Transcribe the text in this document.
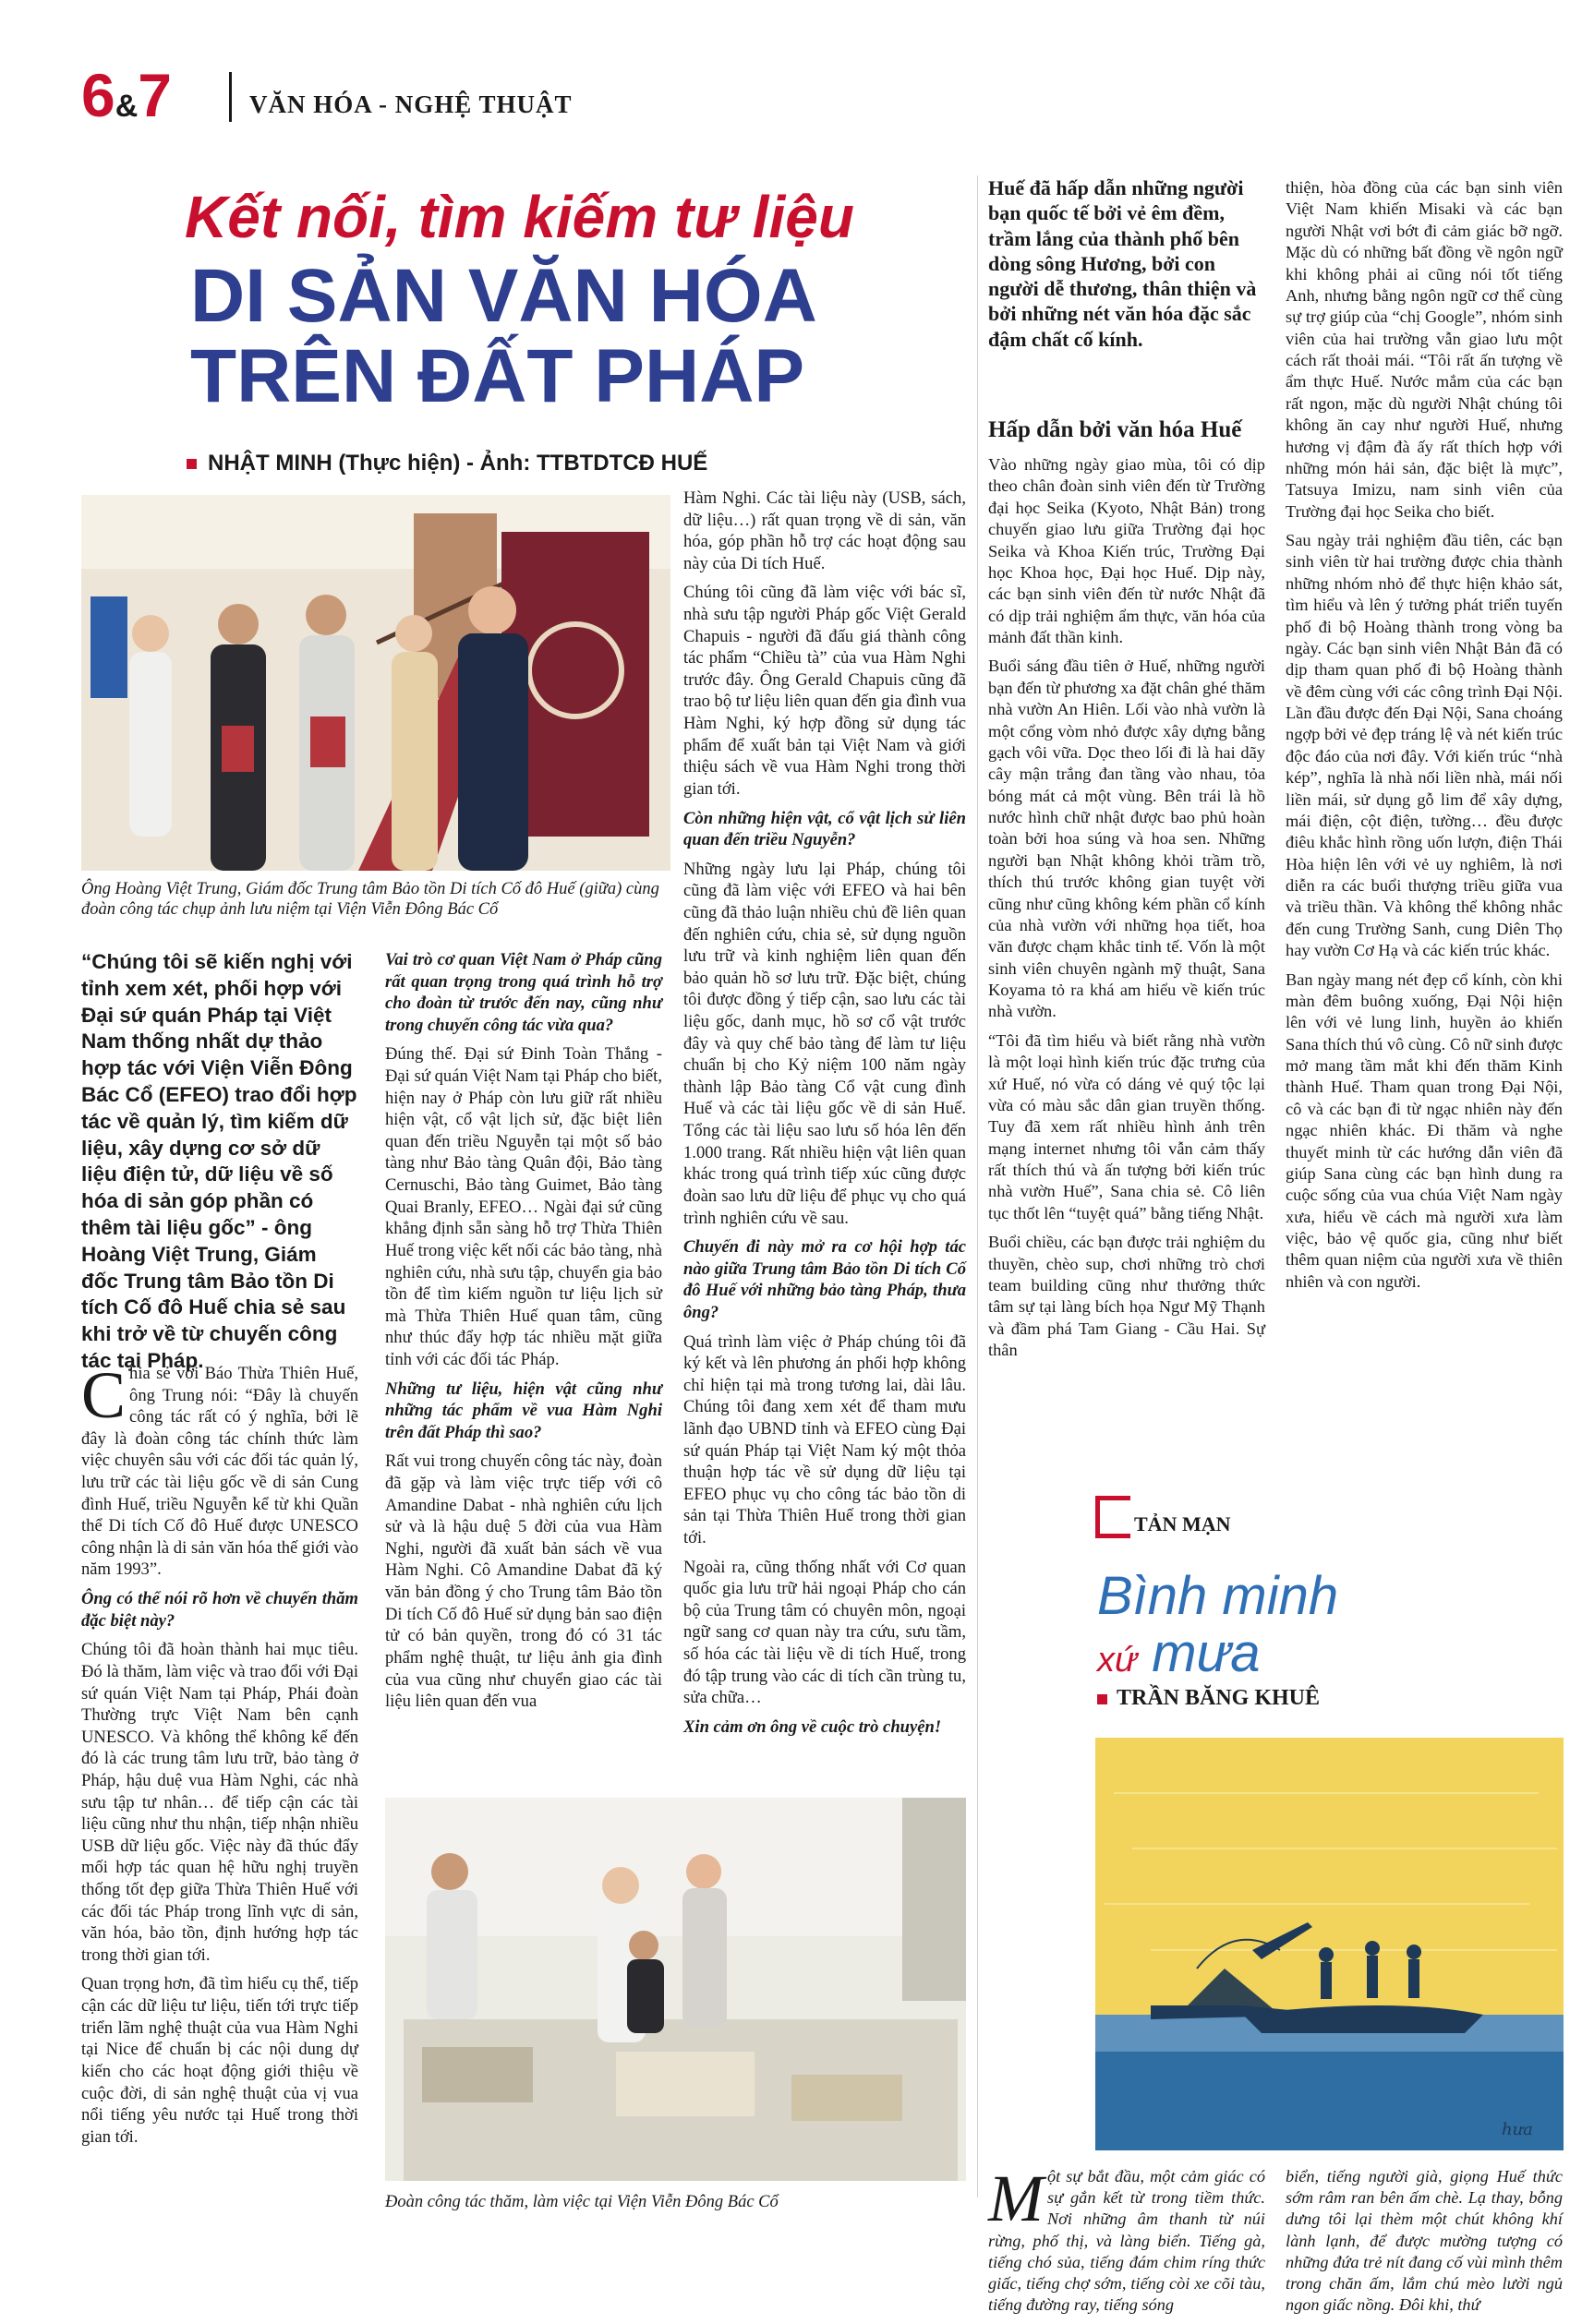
6&7	VĂN HÓA - NGHỆ THUẬT
Kết nối, tìm kiếm tư liệu
DI SẢN VĂN HÓA
TRÊN ĐẤT PHÁP
NHẬT MINH (Thực hiện) - Ảnh: TTBTDTCĐ HUẾ
Ông Hoàng Việt Trung, Giám đốc Trung tâm Bảo tồn Di tích Cố đô Huế (giữa) cùng đoàn công tác chụp ảnh lưu niệm tại Viện Viễn Đông Bác Cổ
“Chúng tôi sẽ kiến nghị với tỉnh xem xét, phối hợp với Đại sứ quán Pháp tại Việt Nam thống nhất dự thảo hợp tác với Viện Viễn Đông Bác Cổ (EFEO) trao đổi hợp tác về quản lý, tìm kiếm dữ liệu, xây dựng cơ sở dữ liệu điện tử, dữ liệu về số hóa di sản góp phần có thêm tài liệu gốc” - ông Hoàng Việt Trung, Giám đốc Trung tâm Bảo tồn Di tích Cố đô Huế chia sẻ sau khi trở về từ chuyến công tác tại Pháp.

Chia sẻ với Báo Thừa Thiên Huế, ông Trung nói: “Đây là chuyến công tác rất có ý nghĩa, bởi lẽ đây là đoàn công tác chính thức làm việc chuyên sâu với các đối tác quản lý, lưu trữ các tài liệu gốc về di sản Cung đình Huế, triều Nguyễn kể từ khi Quần thể Di tích Cố đô Huế được UNESCO công nhận là di sản văn hóa thế giới vào năm 1993”.

Ông có thể nói rõ hơn về chuyến thăm đặc biệt này?

Chúng tôi đã hoàn thành hai mục tiêu. Đó là thăm, làm việc và trao đổi với Đại sứ quán Việt Nam tại Pháp, Phái đoàn Thường trực Việt Nam bên cạnh UNESCO. Và không thể không kể đến đó là các trung tâm lưu trữ, bảo tàng ở Pháp, hậu duệ vua Hàm Nghi, các nhà sưu tập tư nhân… để tiếp cận các tài liệu cũng như thu nhận, tiếp nhận nhiều USB dữ liệu gốc. Việc này đã thúc đẩy mối hợp tác quan hệ hữu nghị truyền thống tốt đẹp giữa Thừa Thiên Huế với các đối tác Pháp trong lĩnh vực di sản, văn hóa, bảo tồn, định hướng hợp tác trong thời gian tới.

Quan trọng hơn, đã tìm hiểu cụ thể, tiếp cận các dữ liệu tư liệu, tiến tới trực tiếp triển lãm nghệ thuật của vua Hàm Nghi tại Nice để chuẩn bị các nội dung dự kiến cho các hoạt động giới thiệu về cuộc đời, di sản nghệ thuật của vị vua nổi tiếng yêu nước tại Huế trong thời gian tới.

Vai trò cơ quan Việt Nam ở Pháp cũng rất quan trọng trong quá trình hỗ trợ cho đoàn từ trước đến nay, cũng như trong chuyến công tác vừa qua?

Đúng thế. Đại sứ Đinh Toàn Thắng - Đại sứ quán Việt Nam tại Pháp cho biết, hiện nay ở Pháp còn lưu giữ rất nhiều hiện vật, cổ vật lịch sử, đặc biệt liên quan đến triều Nguyễn tại một số bảo tàng như Bảo tàng Quân đội, Bảo tàng Cernuschi, Bảo tàng Guimet, Bảo tàng Quai Branly, EFEO… Ngài đại sứ cũng khẳng định sẵn sàng hỗ trợ Thừa Thiên Huế trong việc kết nối các bảo tàng, nhà nghiên cứu, nhà sưu tập, chuyển gia bảo tồn để tìm kiếm nguồn tư liệu lịch sử mà Thừa Thiên Huế quan tâm, cũng như thúc đẩy hợp tác nhiều mặt giữa tỉnh với các đối tác Pháp.

Những tư liệu, hiện vật cũng như những tác phẩm về vua Hàm Nghi trên đất Pháp thì sao?

Rất vui trong chuyến công tác này, đoàn đã gặp và làm việc trực tiếp với cô Amandine Dabat - nhà nghiên cứu lịch sử và là hậu duệ 5 đời của vua Hàm Nghi, người đã xuất bản sách về vua Hàm Nghi. Cô Amandine Dabat đã ký văn bản đồng ý cho Trung tâm Bảo tồn Di tích Cố đô Huế sử dụng bản sao điện tử có bản quyền, trong đó có 31 tác phẩm nghệ thuật, tư liệu ảnh gia đình của vua cũng như chuyển giao các tài liệu liên quan đến vua

Hàm Nghi. Các tài liệu này (USB, sách, dữ liệu…) rất quan trọng về di sản, văn hóa, góp phần hỗ trợ các hoạt động sau này của Di tích Huế.

Chúng tôi cũng đã làm việc với bác sĩ, nhà sưu tập người Pháp gốc Việt Gerald Chapuis - người đã đấu giá thành công tác phẩm “Chiều tà” của vua Hàm Nghi trước đây. Ông Gerald Chapuis cũng đã trao bộ tư liệu liên quan đến gia đình vua Hàm Nghi, ký hợp đồng sử dụng tác phẩm để xuất bản tại Việt Nam và giới thiệu sách về vua Hàm Nghi trong thời gian tới.

Còn những hiện vật, cổ vật lịch sử liên quan đến triều Nguyễn?

Những ngày lưu lại Pháp, chúng tôi cũng đã làm việc với EFEO và hai bên cũng đã thảo luận nhiều chủ đề liên quan đến nghiên cứu, chia sẻ, sử dụng nguồn lưu trữ và kinh nghiệm liên quan đến bảo quản hồ sơ lưu trữ. Đặc biệt, chúng tôi được đồng ý tiếp cận, sao lưu các tài liệu gốc, danh mục, hồ sơ cổ vật trước đây và quy chế bảo tàng để làm tư liệu chuẩn bị cho Kỷ niệm 100 năm ngày thành lập Bảo tàng Cổ vật cung đình Huế và các tài liệu gốc về di sản Huế. Tổng các tài liệu sao lưu số hóa lên đến 1.000 trang. Rất nhiều hiện vật liên quan khác trong quá trình tiếp xúc cũng được đoàn sao lưu dữ liệu để phục vụ cho quá trình nghiên cứu về sau.

Chuyến đi này mở ra cơ hội hợp tác nào giữa Trung tâm Bảo tồn Di tích Cố đô Huế với những bảo tàng Pháp, thưa ông?

Quá trình làm việc ở Pháp chúng tôi đã ký kết và lên phương án phối hợp không chỉ hiện tại mà trong tương lai, dài lâu. Chúng tôi đang xem xét để tham mưu lãnh đạo UBND tỉnh và EFEO cùng Đại sứ quán Pháp tại Việt Nam ký một thỏa thuận hợp tác về sử dụng dữ liệu tại EFEO phục vụ cho công tác bảo tồn di sản tại Thừa Thiên Huế trong thời gian tới.

Ngoài ra, cũng thống nhất với Cơ quan quốc gia lưu trữ hải ngoại Pháp cho cán bộ của Trung tâm có chuyên môn, ngoại ngữ sang cơ quan này tra cứu, sưu tầm, số hóa các tài liệu về di tích Huế, trong đó tập trung vào các di tích cần trùng tu, sửa chữa…

Xin cảm ơn ông về cuộc trò chuyện!

Đoàn công tác thăm, làm việc tại Viện Viễn Đông Bác Cổ
Huế đã hấp dẫn những người bạn quốc tế bởi vẻ êm đềm, trầm lắng của thành phố bên dòng sông Hương, bởi con người dễ thương, thân thiện và bởi những nét văn hóa đặc sắc đậm chất cố kính.
Hấp dẫn bởi văn hóa Huế

Vào những ngày giao mùa, tôi có dịp theo chân đoàn sinh viên đến từ Trường đại học Seika (Kyoto, Nhật Bản) trong chuyến giao lưu giữa Trường đại học Seika và Khoa Kiến trúc, Trường Đại học Khoa học, Đại học Huế. Dịp này, các bạn sinh viên đến từ nước Nhật đã có dịp trải nghiệm ẩm thực, văn hóa của mảnh đất thần kinh.

Buổi sáng đầu tiên ở Huế, những người bạn đến từ phương xa đặt chân ghé thăm nhà vườn An Hiên. Lối vào nhà vườn là một cổng vòm nhỏ được xây dựng bằng gạch vôi vữa. Dọc theo lối đi là hai dãy cây mận trắng đan tầng vào nhau, tỏa bóng mát cả một vùng. Bên trái là hồ nước hình chữ nhật được bao phủ hoàn toàn bởi hoa súng và hoa sen. Những người bạn Nhật không khỏi trầm trồ, thích thú trước không gian tuyệt vời cũng như cũng không kém phần cổ kính của nhà vườn với những họa tiết, hoa văn được chạm khắc tinh tế. Vốn là một sinh viên chuyên ngành mỹ thuật, Sana Koyama tỏ ra khá am hiểu về kiến trúc nhà vườn.

“Tôi đã tìm hiểu và biết rằng nhà vườn là một loại hình kiến trúc đặc trưng của xứ Huế, nó vừa có dáng vẻ quý tộc lại vừa có màu sắc dân gian truyền thống. Tuy đã xem rất nhiều hình ảnh trên mạng internet nhưng tôi vẫn cảm thấy rất thích thú và ấn tượng bởi kiến trúc nhà vườn Huế”, Sana chia sẻ. Cô liên tục thốt lên “tuyệt quá” bằng tiếng Nhật.

Buổi chiều, các bạn được trải nghiệm du thuyền, chèo sup, chơi những trò chơi team building cũng như thưởng thức tâm sự tại làng bích họa Ngư Mỹ Thạnh và đầm phá Tam Giang - Cầu Hai. Sự thân

thiện, hòa đồng của các bạn sinh viên Việt Nam khiến Misaki và các bạn người Nhật vơi bớt đi cảm giác bỡ ngỡ. Mặc dù có những bất đồng về ngôn ngữ khi không phải ai cũng nói tốt tiếng Anh, nhưng bằng ngôn ngữ cơ thể cùng sự trợ giúp của “chị Google”, nhóm sinh viên của hai trường vẫn giao lưu một cách rất thoải mái. “Tôi rất ấn tượng về ẩm thực Huế. Nước mắm của các bạn rất ngon, mặc dù người Nhật chúng tôi không ăn cay như người Huế, nhưng hương vị đậm đà ấy rất thích hợp với những món hải sản, đặc biệt là mực”, Tatsuya Imizu, nam sinh viên của Trường đại học Seika cho biết.

Sau ngày trải nghiệm đầu tiên, các bạn sinh viên từ hai trường được chia thành những nhóm nhỏ để thực hiện khảo sát, tìm hiểu và lên ý tưởng phát triển tuyến phố đi bộ Hoàng thành trong vòng ba ngày. Các bạn sinh viên Nhật Bản đã có dịp tham quan phố đi bộ Hoàng thành về đêm cùng với các công trình Đại Nội. Lần đầu được đến Đại Nội, Sana choáng ngợp bởi vẻ đẹp tráng lệ và nét kiến trúc độc đáo của nơi đây. Với kiến trúc “nhà kép”, nghĩa là nhà nối liền nhà, mái nối liền mái, sử dụng gỗ lim để xây dựng, mái điện, cột điện, tường… đều được điêu khắc hình rồng uốn lượn, điện Thái Hòa hiện lên với vẻ uy nghiêm, là nơi diễn ra các buổi thượng triều giữa vua và triều thần. Và không thể không nhắc đến cung Trường Sanh, cung Diên Thọ hay vườn Cơ Hạ và các kiến trúc khác.

Ban ngày mang nét đẹp cổ kính, còn khi màn đêm buông xuống, Đại Nội hiện lên với vẻ lung linh, huyền ảo khiến Sana thích thú vô cùng. Cô nữ sinh được mở mang tầm mắt khi đến thăm Kinh thành Huế. Tham quan trong Đại Nội, cô và các bạn đi từ ngạc nhiên này đến ngạc nhiên khác. Đi thăm và nghe thuyết minh từ các hướng dẫn viên đã giúp Sana cùng các bạn hình dung ra cuộc sống của vua chúa Việt Nam ngày xưa, hiểu về cách mà người xưa làm việc, bảo vệ quốc gia, cũng như biết thêm quan niệm của người xưa về thiên nhiên và con người.

TẢN MẠN
Bình minh
xứ mưa
TRẦN BĂNG KHUÊ
hưa

Một sự bắt đầu, một cảm giác có sự gắn kết từ trong tiềm thức. Nơi những âm thanh từ núi rừng, phố thị, và làng biển. Tiếng gà, tiếng chó sủa, tiếng đám chim ríng thức giấc, tiếng chợ sớm, tiếng còi xe cõi tàu, tiếng đường ray, tiếng sóng

biển, tiếng người già, giọng Huế thức sớm râm ran bên ấm chè. Lạ thay, bỗng dưng tôi lại thèm một chút không khí lành lạnh, để được mường tượng có những đứa trẻ nít đang cố vùi mình thêm trong chăn ấm, lắm chú mèo lười ngủ ngon giấc nồng. Đôi khi, thứ
